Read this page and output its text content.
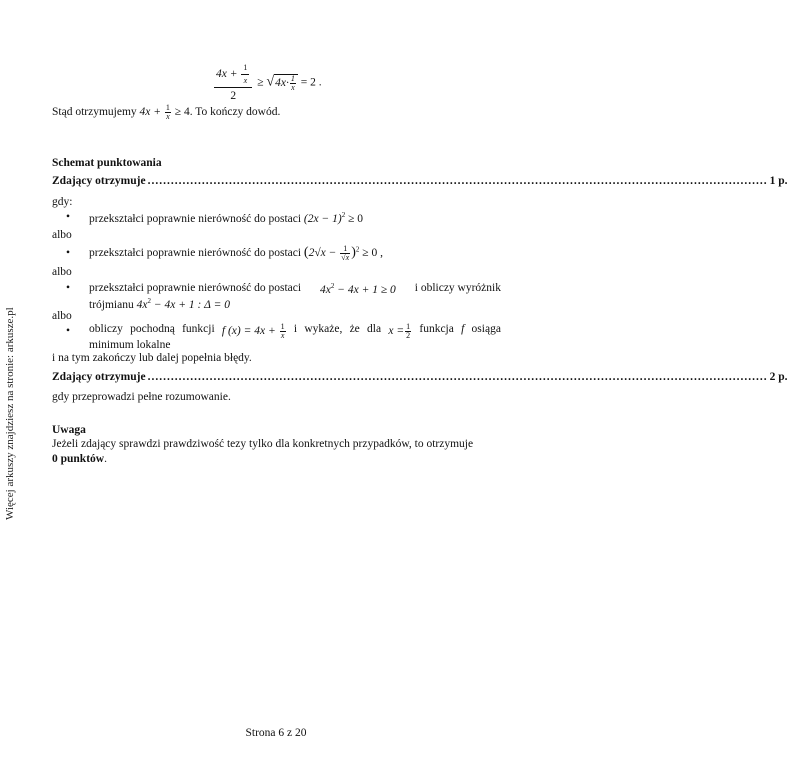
Więcej arkuszy znajdziesz na stronie: arkusze.pl
$\frac{4x + \frac{1}{x}}{2} \ge √4x\cdot \frac{1}{x} = 2$ .
Stąd otrzymujemy $4x + \frac{1}{x} \ge 4$. To kończy dowód.
Schemat punktowania
Zdający otrzymuje ................................................................................................................................................................ 1 p.
gdy:
• przekształci poprawnie nierówność do postaci $(2x - 1)^2 \ge 0$
albo
• przekształci poprawnie nierówność do postaci $(2√x - \frac{1}{√x} )^2 \ge 0$ ,
albo
• przekształci poprawnie nierówność do postaci $4x^2 - 4x + 1 \ge 0$ i obliczy wyróżnik
trójmianu $4x^2 - 4x + 1$ : Δ = 0
albo
• obliczy pochodną funkcji f $(x) = 4x + \frac{1}{x}$ i wykaże, że dla $x = \frac{1}{2}$ funkcja f osiąga
minimum lokalne
i na tym zakończy lub dalej popełnia błędy.
Zdający otrzymuje ................................................................................................................................................................ 2 p.
gdy przeprowadzi pełne rozumowanie.
Uwaga
Jeżeli zdający sprawdzi prawdziwość tezy tylko dla konkretnych przypadków, to otrzymuje
0 punktów.
Strona 6 z 20
